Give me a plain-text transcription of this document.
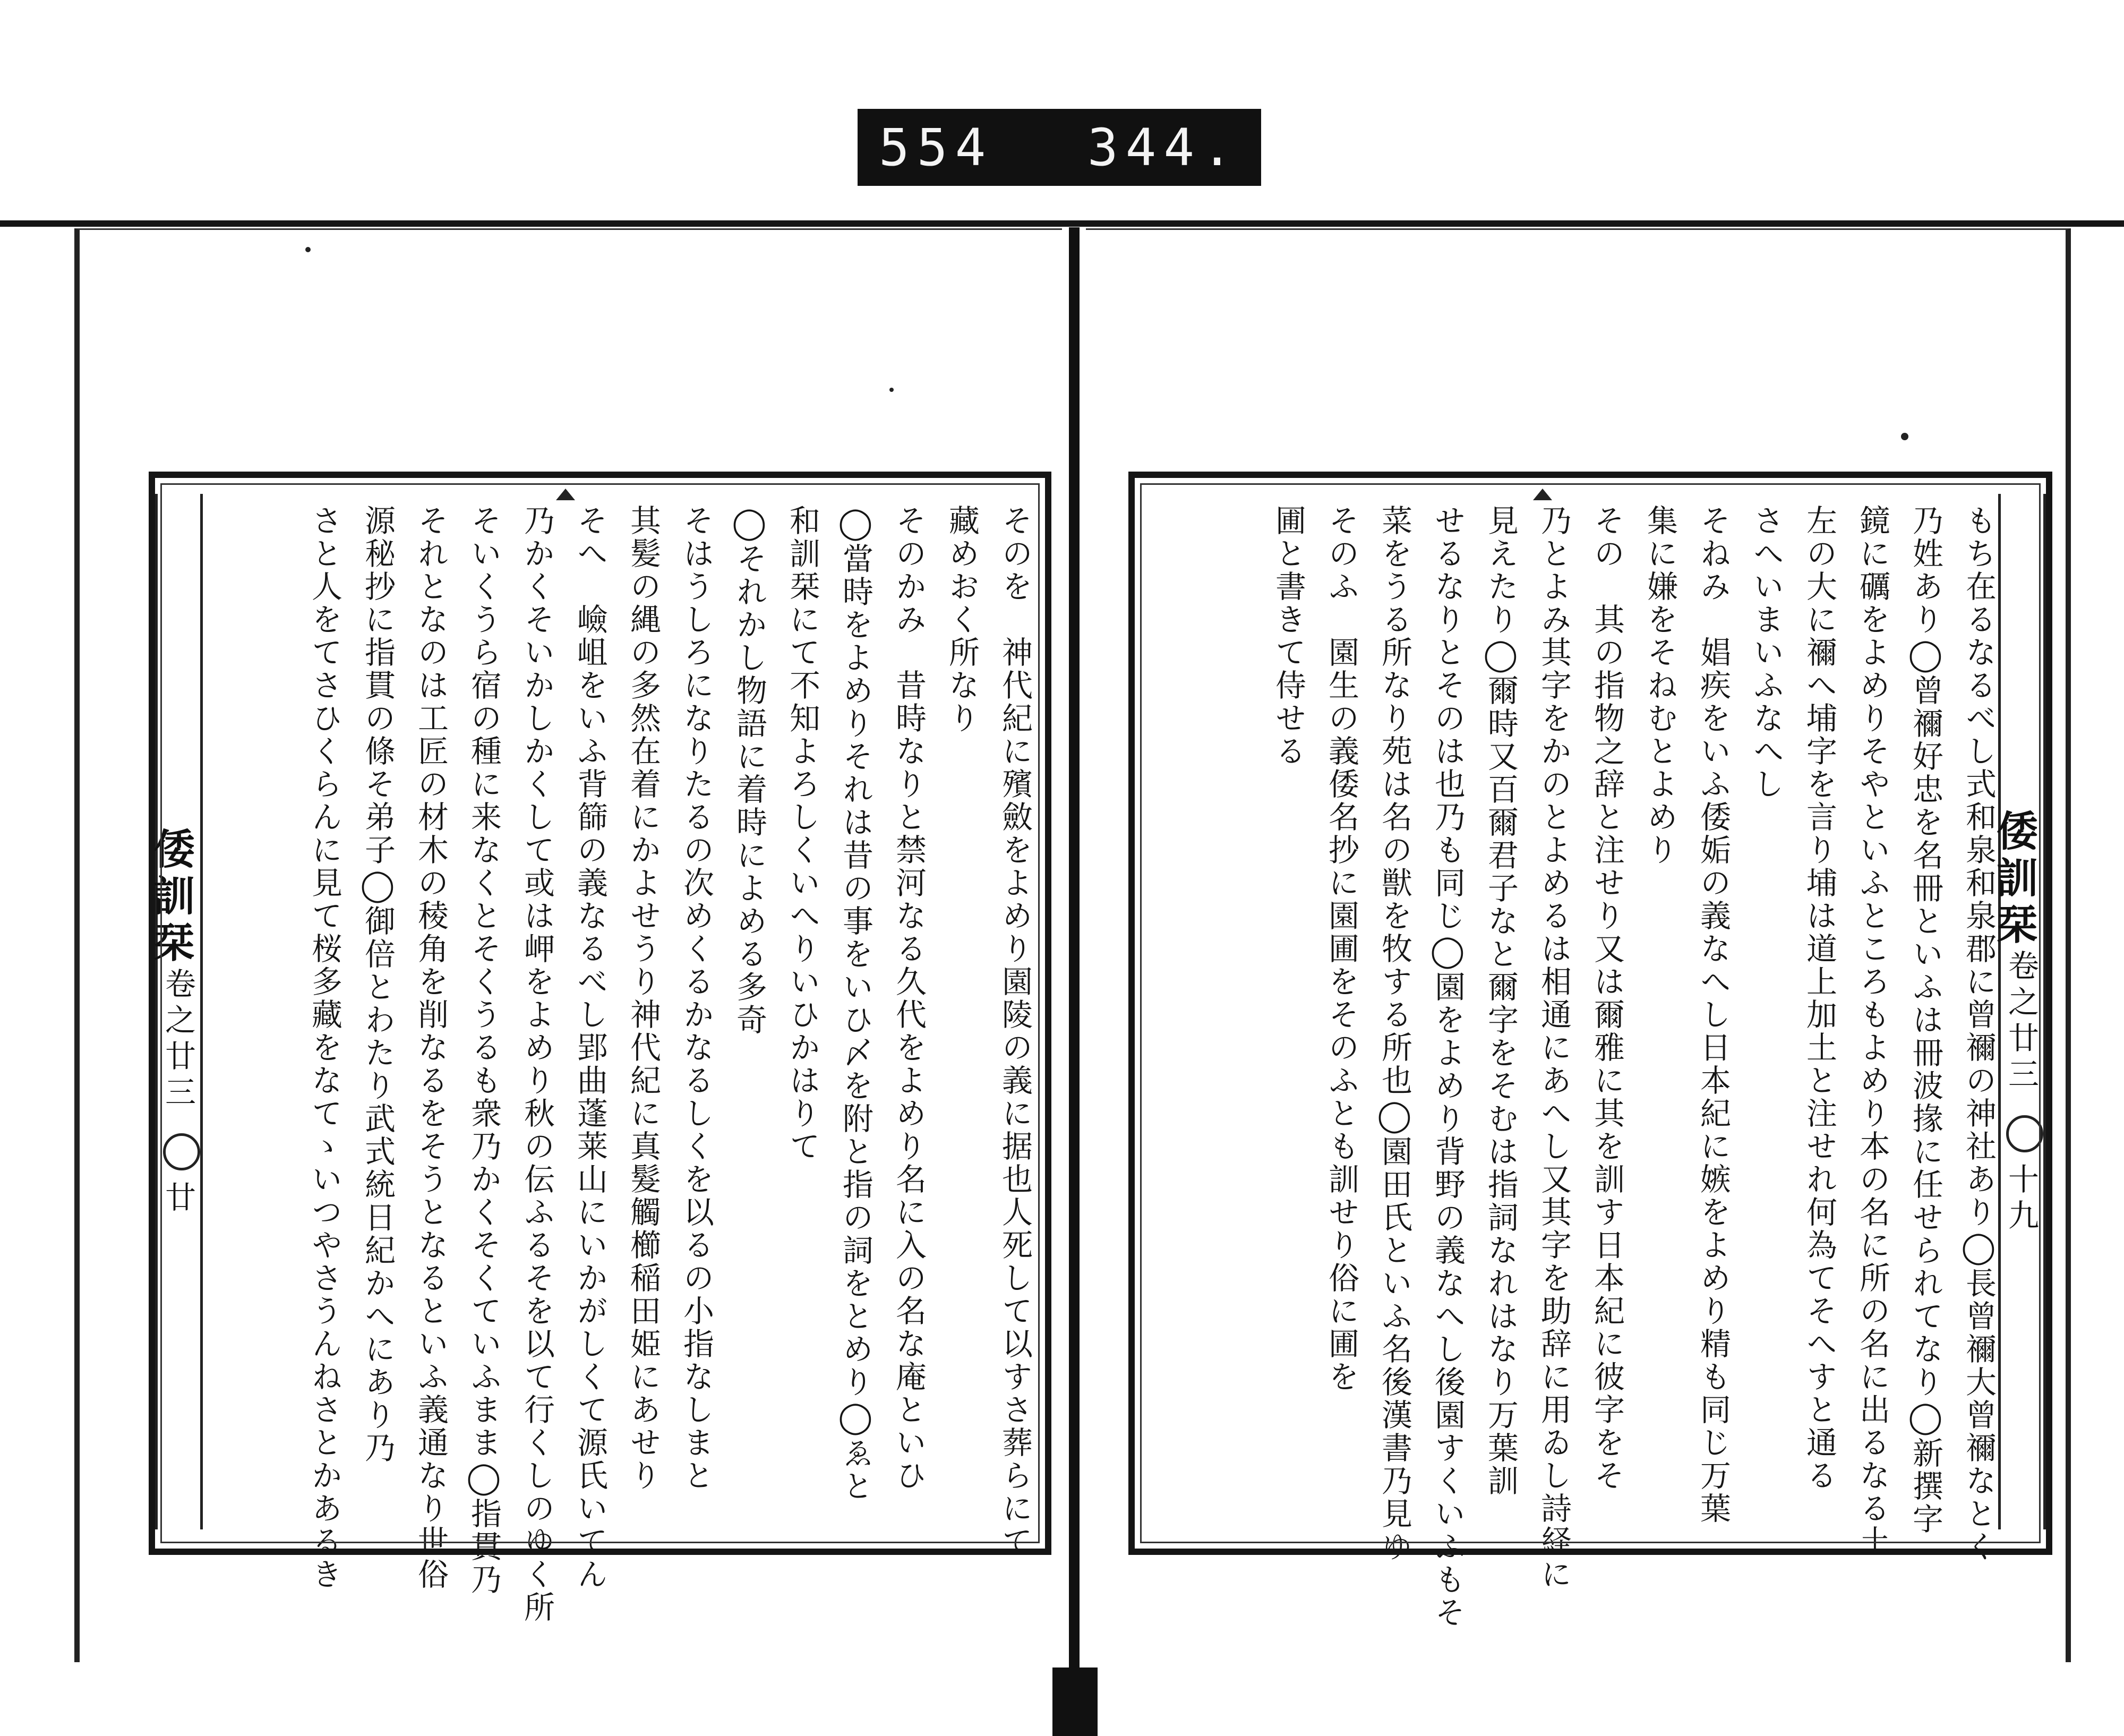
554 344.
倭訓栞
卷之廿三
廿	そのを　神代紀に殯斂をよめり園陵の義に据也人死して以すさ葬らにて
藏めおく所なり
そのかみ　昔時なりと禁河なる久代をよめり名に入の名な庵といひ
◯當時をよめりそれは昔の事をいひ〆を附と指の詞をとめり◯ゑと
和訓栞にて不知よろしくいへりいひかはりて
◯それかし物語に着時によめる多奇
そはうしろになりたるの次めくるかなるしくを以るの小指なしまと
其髪の縄の多然在着にかよせうり神代紀に真髮觸櫛稲田姫にあせり
そへ　嶮岨をいふ背篩の義なるべし郢曲蓬莱山にいかがしくて源氏いてん
乃かくそいかしかくして或は岬をよめり秋の伝ふるそを以て行くしのゆく所
そいくうら宿の種に来なくとそくうるも衆乃かくそくていふまま◯指貫乃
それとなのは工匠の材木の稜角を削なるをそうとなるといふ義通なり世俗
源秘抄に指貫の條そ弟子◯御倍とわたり武式統日紀かへにあり乃
さと人をてさひくらんに見て桜多藏をなてゝいつやさうんねさとかあるき	倭訓栞
卷之廿三
十九
もち在るなるべし式和泉和泉郡に曾禰の神社あり◯長曾禰大曾禰なとく
乃姓あり◯曾禰好忠を名冊といふは冊波掾に任せられてなり◯新撰字
鏡に礪をよめりそやといふところもよめり本の名に所の名に出るなる土
左の大に禰へ埔字を言り埔は道上加土と注せれ何為てそへすと通る
さへいまいふなへし
そねみ　娼疾をいふ倭姤の義なへし日本紀に嫉をよめり精も同じ万葉
集に嫌をそねむとよめり
その　其の指物之辞と注せり又は爾雅に其を訓す日本紀に彼字をそ
乃とよみ其字をかのとよめるは相通にあへし又其字を助辞に用ゐし詩経に
見えたり◯爾時又百爾君子なと爾字をそむは指詞なれはなり万葉訓
せるなりとそのは也乃も同じ◯園をよめり背野の義なへし後園すくいふもそ
菜をうる所なり苑は名の獣を牧する所也◯園田氏といふ名後漢書乃見ゆ
そのふ　園生の義倭名抄に園圃をそのふとも訓せり俗に圃を
圃と書きて侍せる
